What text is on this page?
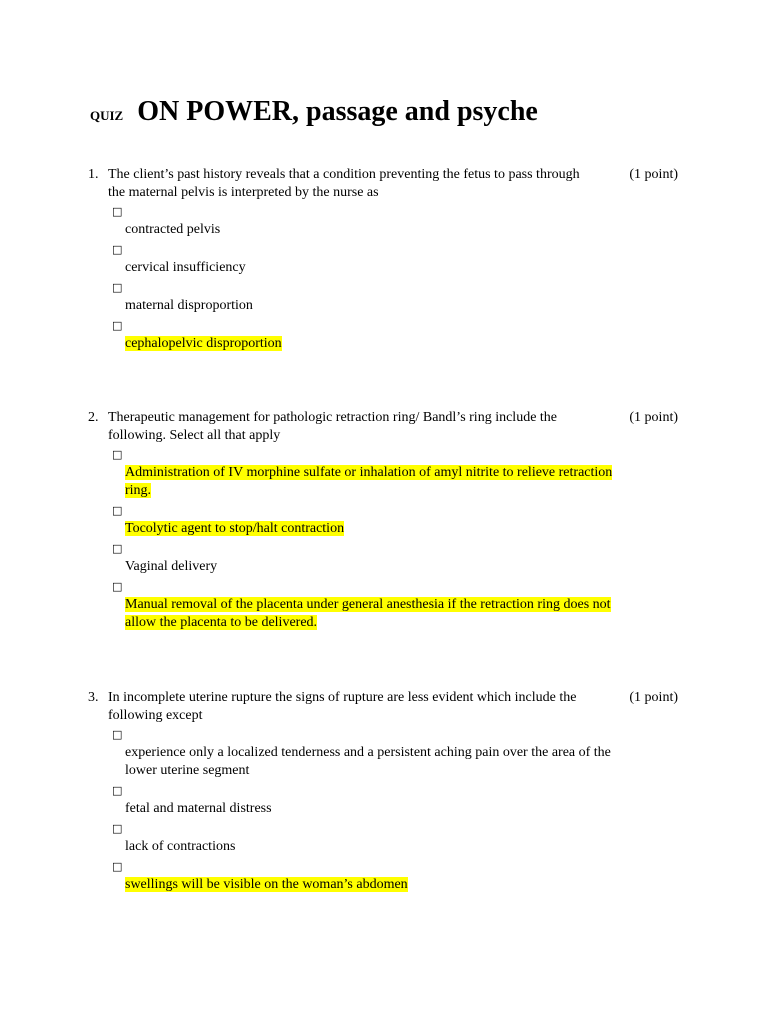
QUIZ ON POWER, passage and psyche
1. The client’s past history reveals that a condition preventing the fetus to pass through	(1 point)
the maternal pelvis is interpreted by the nurse as
□
contracted pelvis
□
cervical insufficiency
□
maternal disproportion
□
cephalopelvic disproportion
2. Therapeutic management for pathologic retraction ring/ Bandl’s ring include the	(1 point)
following. Select all that apply
□
Administration of IV morphine sulfate or inhalation of amyl nitrite to relieve retraction
ring.
□
Tocolytic agent to stop/halt contraction
□
Vaginal delivery
□
Manual removal of the placenta under general anesthesia if the retraction ring does not
allow the placenta to be delivered.
3. In incomplete uterine rupture the signs of rupture are less evident which include the	(1 point)
following except
□
experience only a localized tenderness and a persistent aching pain over the area of the
lower uterine segment
□
fetal and maternal distress
□
lack of contractions
□
swellings will be visible on the woman’s abdomen
